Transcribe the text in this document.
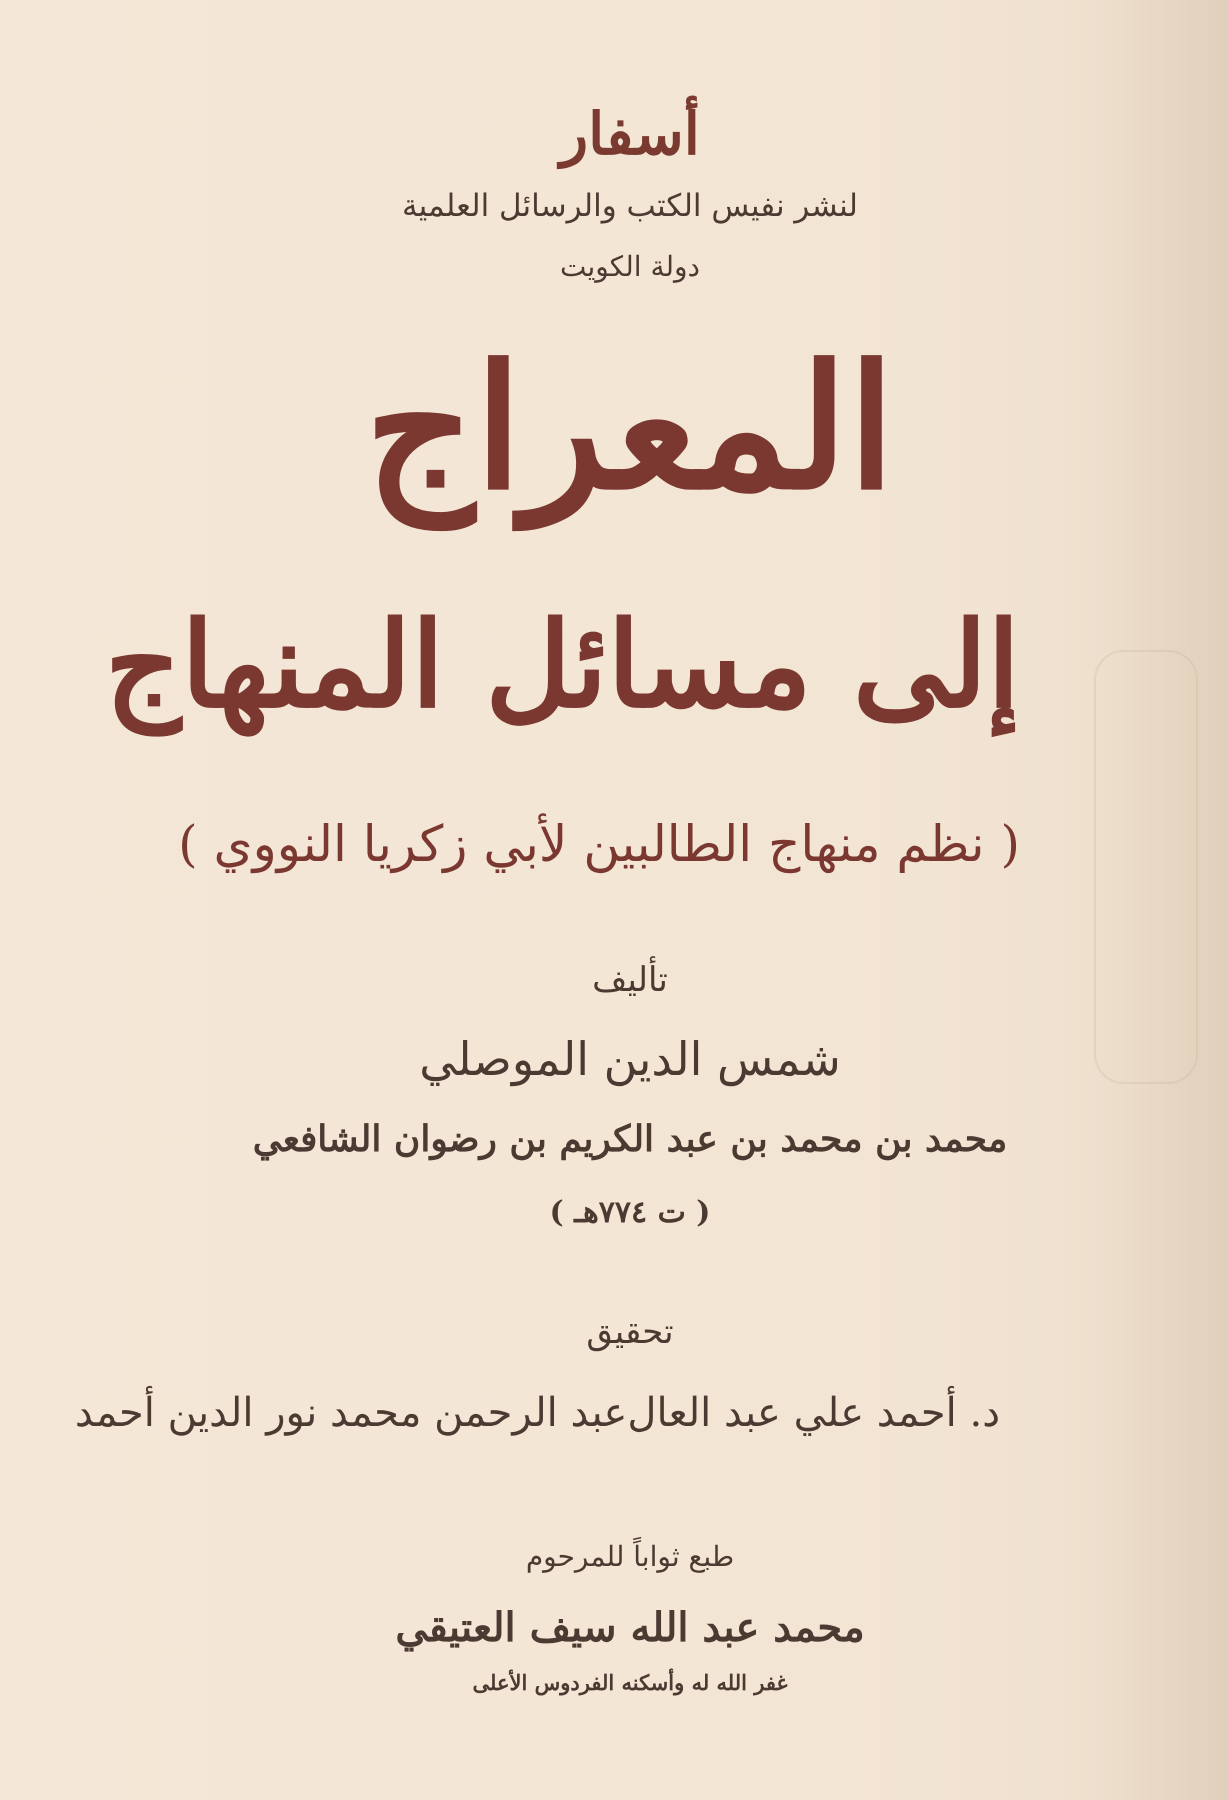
أسفار
لنشر نفيس الكتب والرسائل العلمية
دولة الكويت
المعراج
إلى مسائل المنهاج
( نظم منهاج الطالبين لأبي زكريا النووي )
تأليف
شمس الدين الموصلي
محمد بن محمد بن عبد الكريم بن رضوان الشافعي
( ت ٧٧٤هـ )
تحقيق
د. أحمد علي عبد العال
عبد الرحمن محمد نور الدين أحمد
طبع ثواباً للمرحوم
محمد عبد الله سيف العتيقي
غفر الله له وأسكنه الفردوس الأعلى
